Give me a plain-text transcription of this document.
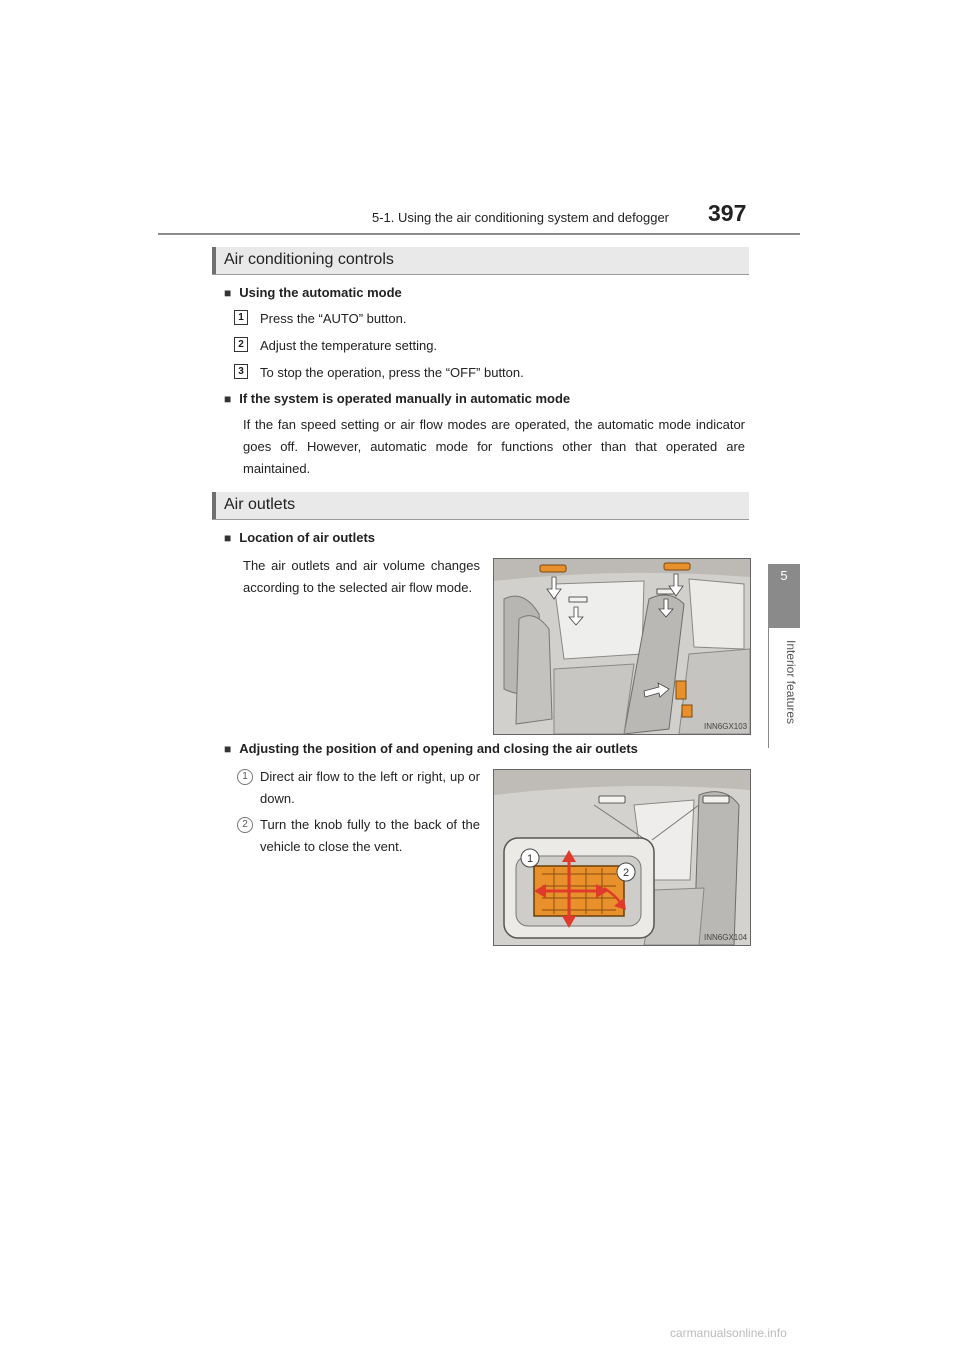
5-1. Using the air conditioning system and defogger 397
5
Interior features
Air conditioning controls
■ Using the automatic mode
1	Press the “AUTO” button.
2	Adjust the temperature setting.
3	To stop the operation, press the “OFF” button.
■ If the system is operated manually in automatic mode
If the fan speed setting or air flow modes are operated, the automatic mode indicator goes off. However, automatic mode for functions other than that operated are maintained.
Air outlets
■ Location of air outlets
The air outlets and air volume changes according to the selected air flow mode.
INN6GX103
■ Adjusting the position of and opening and closing the air outlets
1 Direct air flow to the left or right, up or down.
2 Turn the knob fully to the back of the vehicle to close the vent.
1
2
INN6GX104
carmanualsonline.info
